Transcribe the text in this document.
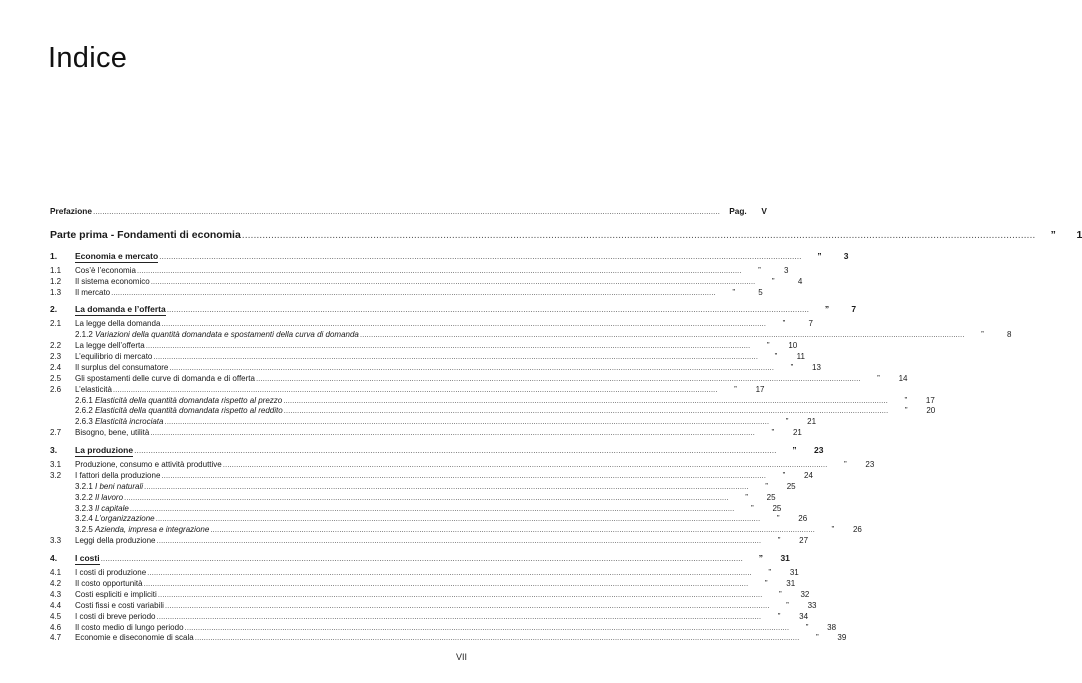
Indice
Prefazione .....	Pag.	V
Parte prima - Fondamenti di economia .....	”	1
1.	Economia e mercato .....	”	3
1.1	Cos’è l’economia .....	”	3
1.2	Il sistema economico .....	”	4
1.3	Il mercato .....	”	5
2.	La domanda e l’offerta .....	”	7
2.1	La legge della domanda .....	”	7
2.1.2 Variazioni della quantità domandata e spostamenti della curva di domanda .....	”	8
2.2	La legge dell’offerta .....	”	10
2.3	L’equilibrio di mercato .....	”	11
2.4	Il surplus del consumatore .....	”	13
2.5	Gli spostamenti delle curve di domanda e di offerta .....	”	14
2.6	L’elasticità .....	”	17
2.6.1 Elasticità della quantità domandata rispetto al prezzo .....	”	17
2.6.2 Elasticità della quantità domandata rispetto al reddito .....	”	20
2.6.3 Elasticità incrociata .....	”	21
2.7	Bisogno, bene, utilità .....	”	21
3.	La produzione .....	”	23
3.1	Produzione, consumo e attività produttive .....	”	23
3.2	I fattori della produzione .....	”	24
3.2.1 I beni naturali .....	”	25
3.2.2 Il lavoro .....	”	25
3.2.3 Il capitale .....	”	25
3.2.4 L’organizzazione .....	”	26
3.2.5 Azienda, impresa e integrazione .....	”	26
3.3	Leggi della produzione .....	”	27
4.	I costi .....	”	31
4.1	I costi di produzione .....	”	31
4.2	Il costo opportunità .....	”	31
4.3	Costi espliciti e impliciti .....	”	32
4.4	Costi fissi e costi variabili .....	”	33
4.5	I costi di breve periodo .....	”	34
4.6	Il costo medio di lungo periodo .....	”	38
4.7	Economie e diseconomie di scala .....	”	39
VII
